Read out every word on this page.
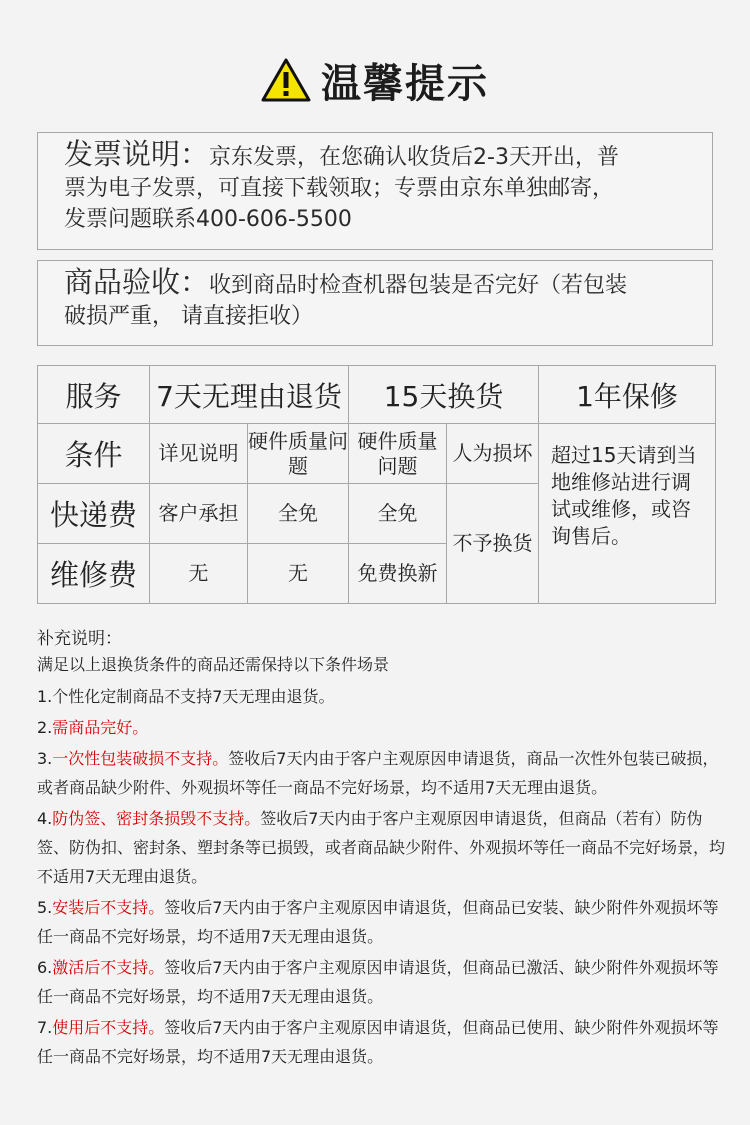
温馨提示

发票说明：京东发票，在您确认收货后2-3天开出，普

票为电子发票，可直接下载领取；专票由京东单独邮寄，

发票问题联系400-606-5500

商品验收：收到商品时检查机器包装是否完好（若包装

破损严重， 请直接拒收）

服务	7天无理由退货		15天换货		1年保修
条件	详见说明	硬件质量问题	硬件质量问题	人为损坏	超过15天请到当地维修站进行调试或维修，或咨询售后。
快递费	客户承担	全免	全免	不予换货	
维修费	无	无	免费换新		
补充说明：
满足以上退换货条件的商品还需保持以下条件场景
1.个性化定制商品不支持7天无理由退货。
2.需商品完好。
3.一次性包装破损不支持。签收后7天内由于客户主观原因申请退货，商品一次性外包装已破损，或者商品缺少附件、外观损坏等任一商品不完好场景，均不适用7天无理由退货。
4.防伪签、密封条损毁不支持。签收后7天内由于客户主观原因申请退货，但商品（若有）防伪签、防伪扣、密封条、塑封条等已损毁，或者商品缺少附件、外观损坏等任一商品不完好场景，均不适用7天无理由退货。
5.安装后不支持。签收后7天内由于客户主观原因申请退货，但商品已安装、缺少附件外观损坏等任一商品不完好场景，均不适用7天无理由退货。
6.激活后不支持。签收后7天内由于客户主观原因申请退货，但商品已激活、缺少附件外观损坏等任一商品不完好场景，均不适用7天无理由退货。
7.使用后不支持。签收后7天内由于客户主观原因申请退货，但商品已使用、缺少附件外观损坏等任一商品不完好场景，均不适用7天无理由退货。
